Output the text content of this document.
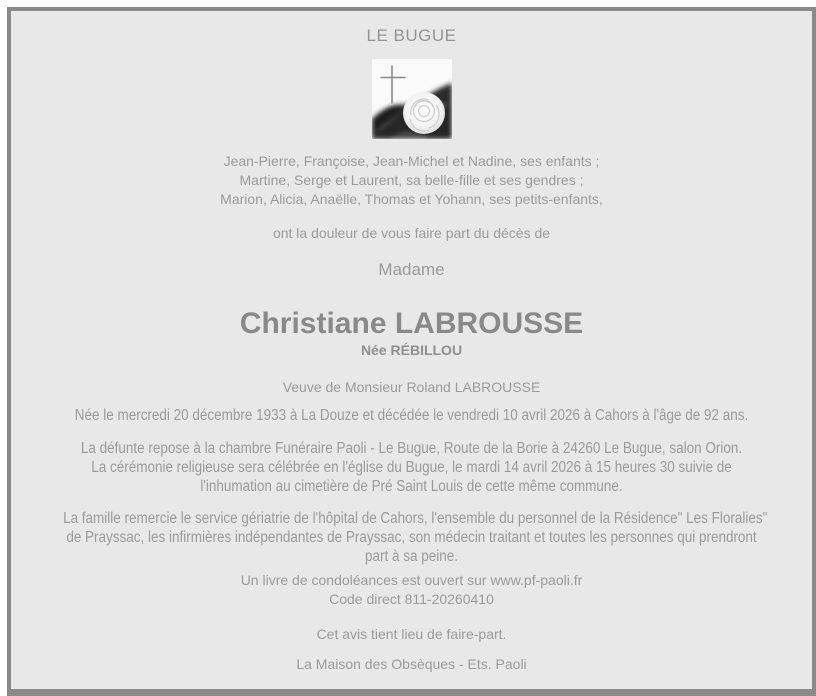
LE BUGUE
Jean-Pierre, Françoise, Jean-Michel et Nadine, ses enfants ;
Martine, Serge et Laurent, sa belle-fille et ses gendres ;
Marion, Alicia, Anaëlle, Thomas et Yohann, ses petits-enfants,
ont la douleur de vous faire part du décès de
Madame
Christiane LABROUSSE
Née RÉBILLOU
Veuve de Monsieur Roland LABROUSSE
Née le mercredi 20 décembre 1933 à La Douze et décédée le vendredi 10 avril 2026 à Cahors à l'âge de 92 ans.
La défunte repose à la chambre Funéraire Paoli - Le Bugue, Route de la Borie à 24260 Le Bugue, salon Orion.
La cérémonie religieuse sera célébrée en l'église du Bugue, le mardi 14 avril 2026 à 15 heures 30 suivie de
l'inhumation au cimetière de Pré Saint Louis de cette même commune.
La famille remercie le service gériatrie de l'hôpital de Cahors, l'ensemble du personnel de la Résidence" Les Floralies"
de Prayssac, les infirmières indépendantes de Prayssac, son médecin traitant et toutes les personnes qui prendront
part à sa peine.
Un livre de condoléances est ouvert sur www.pf-paoli.fr
Code direct 811-20260410
Cet avis tient lieu de faire-part.
La Maison des Obsèques - Ets. Paoli
